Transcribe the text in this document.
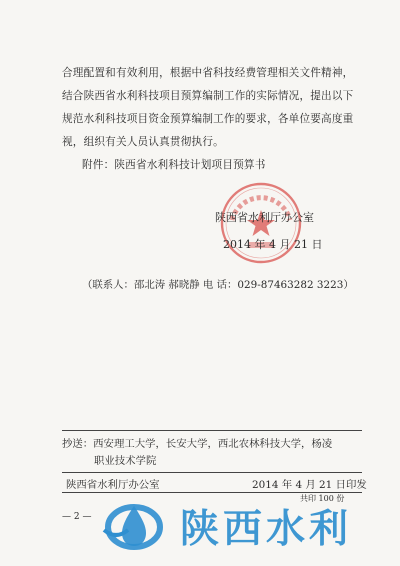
合理配置和有效利用，根据中省科技经费管理相关文件精神，
结合陕西省水利科技项目预算编制工作的实际情况，提出以下
规范水利科技项目资金预算编制工作的要求，各单位要高度重
视，组织有关人员认真贯彻执行。
附件：陕西省水利科技计划项目预算书
陕西省水利厅办公室
2014 年 4 月 21 日
（联系人：邵北涛 郝晓静 电 话：029-87463282 3223）
抄送：西安理工大学，长安大学，西北农林科技大学，杨凌
职业技术学院
陕西省水利厅办公室	2014 年 4 月 21 日印发
共印 100 份
— 2 — 陕西水利
